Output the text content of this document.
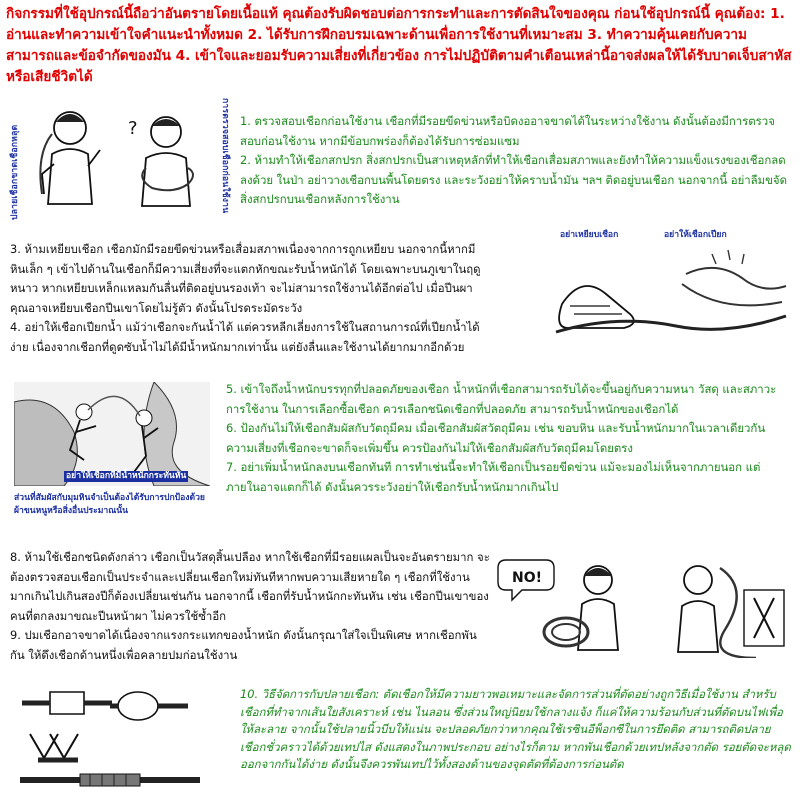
กิจกรรมที่ใช้อุปกรณ์นี้ถือว่าอันตรายโดยเนื้อแท้ คุณต้องรับผิดชอบต่อการกระทำและการตัดสินใจของคุณ ก่อนใช้อุปกรณ์นี้ คุณต้อง: 1. อ่านและทำความเข้าใจคำแนะนำทั้งหมด 2. ได้รับการฝึกอบรมเฉพาะด้านเพื่อการใช้งานที่เหมาะสม 3. ทำความคุ้นเคยกับความสามารถและข้อจำกัดของมัน 4. เข้าใจและยอมรับความเสี่ยงที่เกี่ยวข้อง การไม่ปฏิบัติตามคำเตือนเหล่านี้อาจส่งผลให้ได้รับบาดเจ็บสาหัสหรือเสียชีวิตได้
?
ปลายเชือกขาดเชือกหลุด	การตรวจสอบเชือกก่อนใช้งาน 1. ตรวจสอบเชือกก่อนใช้งาน เชือกที่มีรอยขีดข่วนหรือบิดงออาจขาดได้ในระหว่างใช้งาน ดังนั้นต้องมีการตรวจสอบก่อนใช้งาน หากมีข้อบกพร่องก็ต้องได้รับการซ่อมแซม

2. ห้ามทำให้เชือกสกปรก สิ่งสกปรกเป็นสาเหตุหลักที่ทำให้เชือกเสื่อมสภาพและยังทำให้ความแข็งแรงของเชือกลดลงด้วย ในป่า อย่าวางเชือกบนพื้นโดยตรง และระวังอย่าให้คราบน้ำมัน ฯลฯ ติดอยู่บนเชือก นอกจากนี้ อย่าลืมขจัดสิ่งสกปรกบนเชือกหลังการใช้งาน

3. ห้ามเหยียบเชือก เชือกมักมีรอยขีดข่วนหรือเสื่อมสภาพเนื่องจากการถูกเหยียบ นอกจากนี้หากมีหินเล็ก ๆ เข้าไปด้านในเชือกก็มีความเสี่ยงที่จะแตกหักขณะรับน้ำหนักได้ โดยเฉพาะบนภูเขาในฤดูหนาว หากเหยียบเหล็กแหลมกันลื่นที่ติดอยู่บนรองเท้า จะไม่สามารถใช้งานได้อีกต่อไป เมื่อปีนผาคุณอาจเหยียบเชือกปีนเขาโดยไม่รู้ตัว ดังนั้นโปรดระมัดระวัง

4. อย่าให้เชือกเปียกน้ำ แม้ว่าเชือกจะกันน้ำได้ แต่ควรหลีกเลี่ยงการใช้ในสถานการณ์ที่เปียกน้ำได้ง่าย เนื่องจากเชือกที่ดูดซับน้ำไม่ได้มีน้ำหนักมากเท่านั้น แต่ยังลื่นและใช้งานได้ยากมากอีกด้วย

อย่าเหยียบเชือก	อย่าให้เชือกเปียก
อย่าให้เชือกที่มีน้ำหนักกระทันหัน
ส่วนที่สัมผัสกับมุมหินจำเป็นต้องได้รับการปกป้องด้วยผ้าขนหนูหรือสิ่งอื่นประมาณนั้น

5. เข้าใจถึงน้ำหนักบรรทุกที่ปลอดภัยของเชือก น้ำหนักที่เชือกสามารถรับได้จะขึ้นอยู่กับความหนา วัสดุ และสภาวะการใช้งาน ในการเลือกซื้อเชือก ควรเลือกชนิดเชือกที่ปลอดภัย สามารถรับน้ำหนักของเชือกได้

6. ป้องกันไม่ให้เชือกสัมผัสกับวัตถุมีคม เมื่อเชือกสัมผัสวัตถุมีคม เช่น ขอบหิน และรับน้ำหนักมากในเวลาเดียวกัน ความเสี่ยงที่เชือกจะขาดก็จะเพิ่มขึ้น ควรป้องกันไม่ให้เชือกสัมผัสกับวัตถุมีคมโดยตรง

7. อย่าเพิ่มน้ำหนักลงบนเชือกทันที การทำเช่นนี้จะทำให้เชือกเป็นรอยขีดข่วน แม้จะมองไม่เห็นจากภายนอก แต่ภายในอาจแตกก็ได้ ดังนั้นควรระวังอย่าให้เชือกรับน้ำหนักมากเกินไป

8. ห้ามใช้เชือกชนิดดังกล่าว เชือกเป็นวัสดุสิ้นเปลือง หากใช้เชือกที่มีรอยแผลเป็นจะอันตรายมาก จะต้องตรวจสอบเชือกเป็นประจำและเปลี่ยนเชือกใหม่ทันทีหากพบความเสียหายใด ๆ เชือกที่ใช้งานมากเกินไปเกินสองปีก็ต้องเปลี่ยนเช่นกัน นอกจากนี้ เชือกที่รับน้ำหนักกะทันหัน เช่น เชือกปีนเขาของคนที่ตกลงมาขณะปีนหน้าผา ไม่ควรใช้ซ้ำอีก

9. ปมเชือกอาจขาดได้เนื่องจากแรงกระแทกของน้ำหนัก ดังนั้นกรุณาใส่ใจเป็นพิเศษ หากเชือกพันกัน ให้ดึงเชือกด้านหนึ่งเพื่อคลายปมก่อนใช้งาน

NO!

10. วิธีจัดการกับปลายเชือก: ตัดเชือกให้มีความยาวพอเหมาะและจัดการส่วนที่ตัดอย่างถูกวิธีเมื่อใช้งาน สำหรับเชือกที่ทำจากเส้นใยสังเคราะห์ เช่น ไนลอน ซึ่งส่วนใหญ่นิยมใช้กลางแจ้ง ก็แค่ให้ความร้อนกับส่วนที่ตัดบนไฟเพื่อให้ละลาย จากนั้นใช้ปลายนิ้วบีบให้แน่น จะปลอดภัยกว่าหากคุณใช้เรซินอีพ็อกซีในการยึดติด สามารถติดปลายเชือกชั่วคราวได้ด้วยเทปไส ดังแสดงในภาพประกอบ อย่างไรก็ตาม หากพันเชือกด้วยเทปหลังจากตัด รอยตัดจะหลุดออกจากกันได้ง่าย ดังนั้นจึงควรพันเทปไว้ทั้งสองด้านของจุดตัดที่ต้องการก่อนตัด
